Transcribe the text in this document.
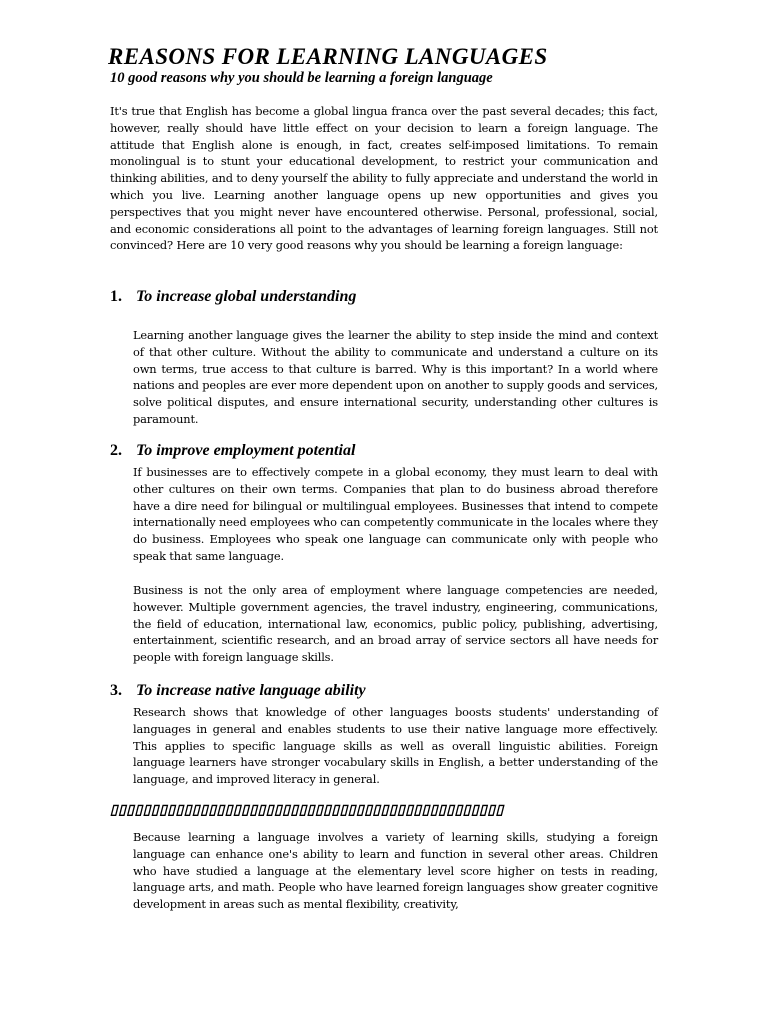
REASONS FOR LEARNING LANGUAGES
10 good reasons why you should be learning a foreign language

It's true that English has become a global lingua franca over the past several decades; this fact, however, really should have little effect on your decision to learn a foreign language. The attitude that English alone is enough, in fact, creates self-imposed limitations. To remain monolingual is to stunt your educational development, to restrict your communication and thinking abilities, and to deny yourself the ability to fully appreciate and understand the world in which you live. Learning another language opens up new opportunities and gives you perspectives that you might never have encountered otherwise. Personal, professional, social, and economic considerations all point to the advantages of learning foreign languages. Still not convinced? Here are 10 very good reasons why you should be learning a foreign language:

1. To increase global understanding

Learning another language gives the learner the ability to step inside the mind and context of that other culture. Without the ability to communicate and understand a culture on its own terms, true access to that culture is barred. Why is this important? In a world where nations and peoples are ever more dependent upon on another to supply goods and services, solve political disputes, and ensure international security, understanding other cultures is paramount.

2. To improve employment potential

If businesses are to effectively compete in a global economy, they must learn to deal with other cultures on their own terms. Companies that plan to do business abroad therefore have a dire need for bilingual or multilingual employees. Businesses that intend to compete internationally need employees who can competently communicate in the locales where they do business. Employees who speak one language can communicate only with people who speak that same language.

Business is not the only area of employment where language competencies are needed, however. Multiple government agencies, the travel industry, engineering, communications, the field of education, international law, economics, public policy, publishing, advertising, entertainment, scientific research, and an broad array of service sectors all have needs for people with foreign language skills.

3. To increase native language ability

Research shows that knowledge of other languages boosts students' understanding of languages in general and enables students to use their native language more effectively. This applies to specific language skills as well as overall linguistic abilities. Foreign language learners have stronger vocabulary skills in English, a better understanding of the language, and improved literacy in general.

▯▯▯▯▯▯▯▯▯▯▯▯▯▯▯▯▯▯▯▯▯▯▯▯▯▯▯▯▯▯▯▯▯▯▯▯▯▯▯▯▯▯▯▯▯▯▯▯

Because learning a language involves a variety of learning skills, studying a foreign language can enhance one's ability to learn and function in several other areas. Children who have studied a language at the elementary level score higher on tests in reading, language arts, and math. People who have learned foreign languages show greater cognitive development in areas such as mental flexibility, creativity,
